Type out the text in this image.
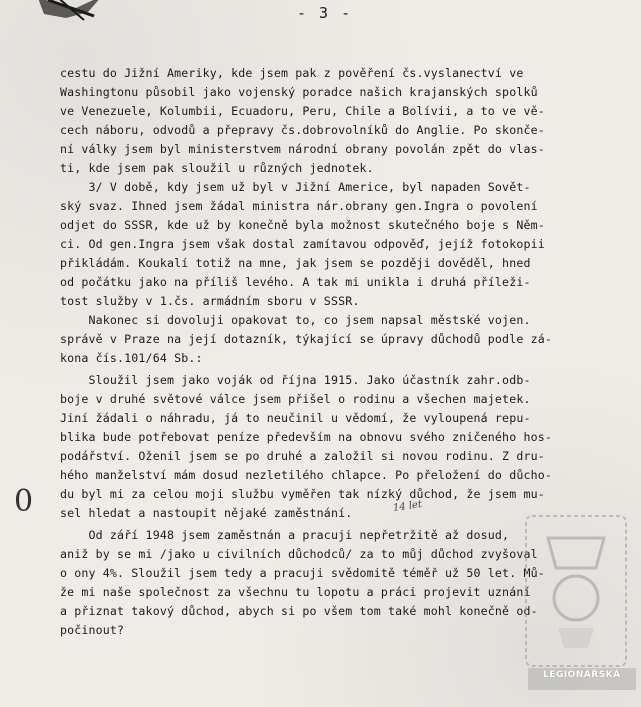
- 3 -
cestu do Jižní Ameriky, kde jsem pak z pověření čs.vyslanectví ve
Washingtonu působil jako vojenský poradce našich krajanských spolků
ve Venezuele, Kolumbii, Ecuadoru, Peru, Chile a Bolívii, a to ve vě-
cech náboru, odvodů a přepravy čs.dobrovolníků do Anglie. Po skonče-
ní války jsem byl ministerstvem národní obrany povolán zpět do vlas-
ti, kde jsem pak sloužil u různých jednotek.
3/ V době, kdy jsem už byl v Jižní Americe, byl napaden Sovět-
ský svaz. Ihned jsem žádal ministra nár.obrany gen.Ingra o povolení
odjet do SSSR, kde už by konečně byla možnost skutečného boje s Něm-
ci. Od gen.Ingra jsem však dostal zamítavou odpověď, jejíž fotokopii
přikládám. Koukalí totiž na mne, jak jsem se později dověděl, hned
od počátku jako na příliš levého. A tak mi unikla i druhá příleži-
tost služby v 1.čs. armádním sboru v SSSR.
Nakonec si dovoluji opakovat to, co jsem napsal městské vojen.
správě v Praze na její dotazník, týkající se úpravy důchodů podle zá-
kona čís.101/64 Sb.:
Sloužil jsem jako voják od října 1915. Jako účastník zahr.odb-
boje v druhé světové válce jsem přišel o rodinu a všechen majetek.
Jiní žádali o náhradu, já to neučinil u vědomí, že vyloupená repu-
blika bude potřebovat peníze především na obnovu svého zničeného hos-
podářství. Oženil jsem se po druhé a založil si novou rodinu. Z dru-
hého manželství mám dosud nezletilého chlapce. Po přeložení do důcho-
du byl mi za celou moji službu vyměřen tak nízký důchod, že jsem mu-
sel hledat a nastoupit nějaké zaměstnání.
Od září 1948 jsem zaměstnán a pracuji nepřetržitě až dosud,
aniž by se mi /jako u civilních důchodců/ za to můj důchod zvyšoval
o ony 4%. Sloužil jsem tedy a pracuji svědomitě téměř už 50 let. Mů-
že mi naše společnost za všechnu tu lopotu a práci projevit uznání
a přiznat takový důchod, abych si po všem tom také mohl konečně od-
počinout?
0	14 let
LEGIONÁŘSKÁ
